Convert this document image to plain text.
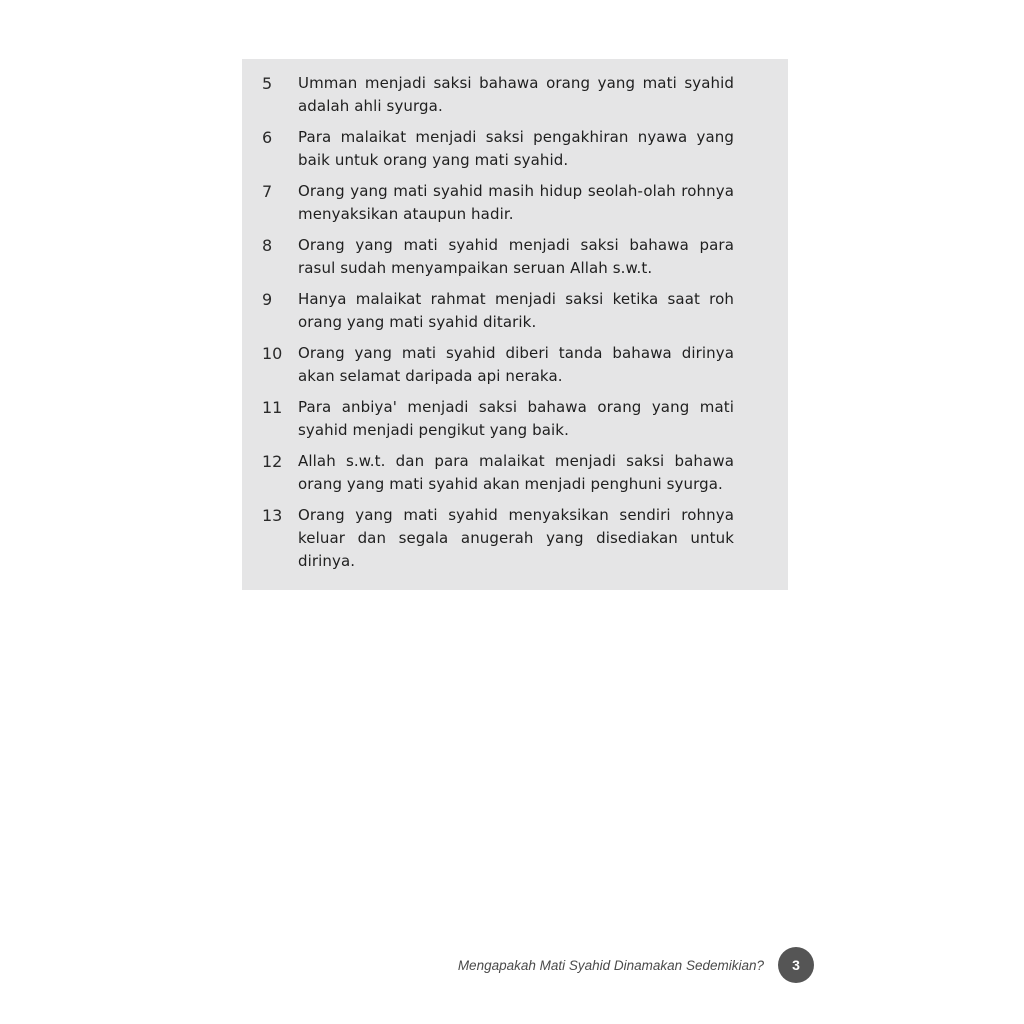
5	Umman menjadi saksi bahawa orang yang mati syahid adalah ahli syurga.
6	Para malaikat menjadi saksi pengakhiran nyawa yang baik untuk orang yang mati syahid.
7	Orang yang mati syahid masih hidup seolah-olah rohnya menyaksikan ataupun hadir.
8	Orang yang mati syahid menjadi saksi bahawa para rasul sudah menyampaikan seruan Allah s.w.t.
9	Hanya malaikat rahmat menjadi saksi ketika saat roh orang yang mati syahid ditarik.
10	Orang yang mati syahid diberi tanda bahawa dirinya akan selamat daripada api neraka.
11	Para anbiya' menjadi saksi bahawa orang yang mati syahid menjadi pengikut yang baik.
12	Allah s.w.t. dan para malaikat menjadi saksi bahawa orang yang mati syahid akan menjadi penghuni syurga.
13	Orang yang mati syahid menyaksikan sendiri rohnya keluar dan segala anugerah yang disediakan untuk dirinya.
Mengapakah Mati Syahid Dinamakan Sedemikian?	3
